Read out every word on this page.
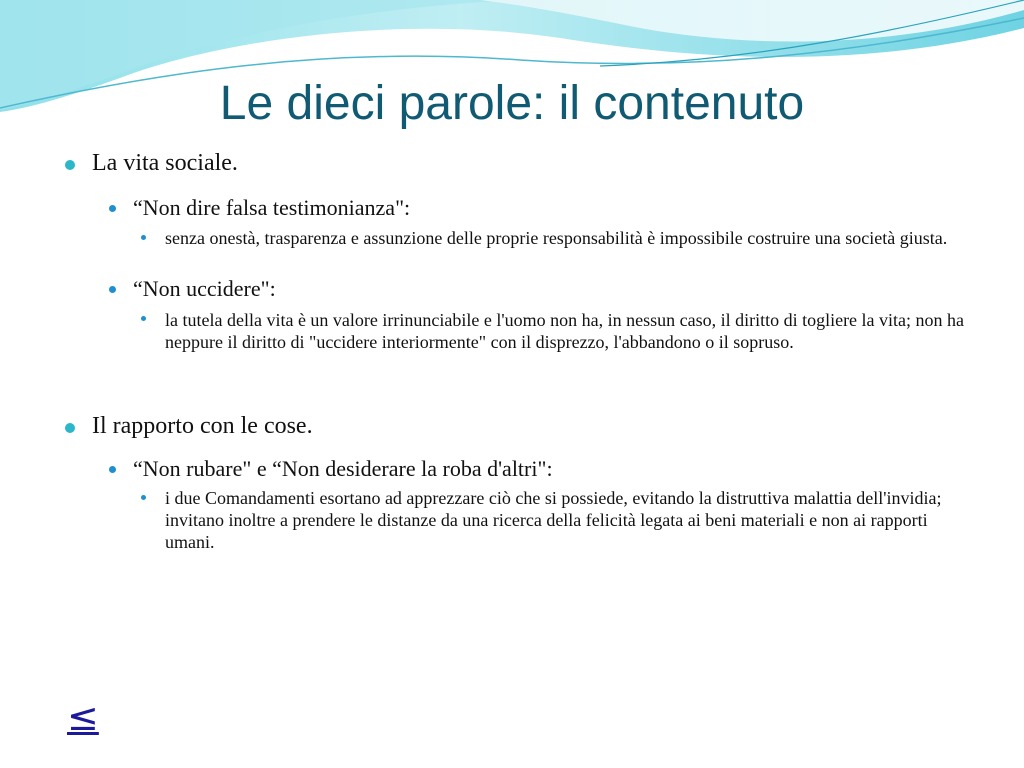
Le dieci parole: il contenuto
La vita sociale.
“Non dire falsa testimonianza":
senza onestà, trasparenza e assunzione delle proprie responsabilità è impossibile costruire una società giusta.
“Non uccidere":
la tutela della vita è un valore irrinunciabile e l'uomo non ha, in nessun caso, il diritto di togliere la vita; non ha neppure il diritto di "uccidere interiormente" con il disprezzo, l'abbandono o il sopruso.
Il rapporto con le cose.
“Non rubare" e “Non desiderare la roba d'altri":
i due Comandamenti esortano ad apprezzare ciò che si possiede, evitando la distruttiva malattia dell'invidia; invitano inoltre a prendere le distanze da una ricerca della felicità legata ai beni materiali e non ai rapporti umani.
≤
